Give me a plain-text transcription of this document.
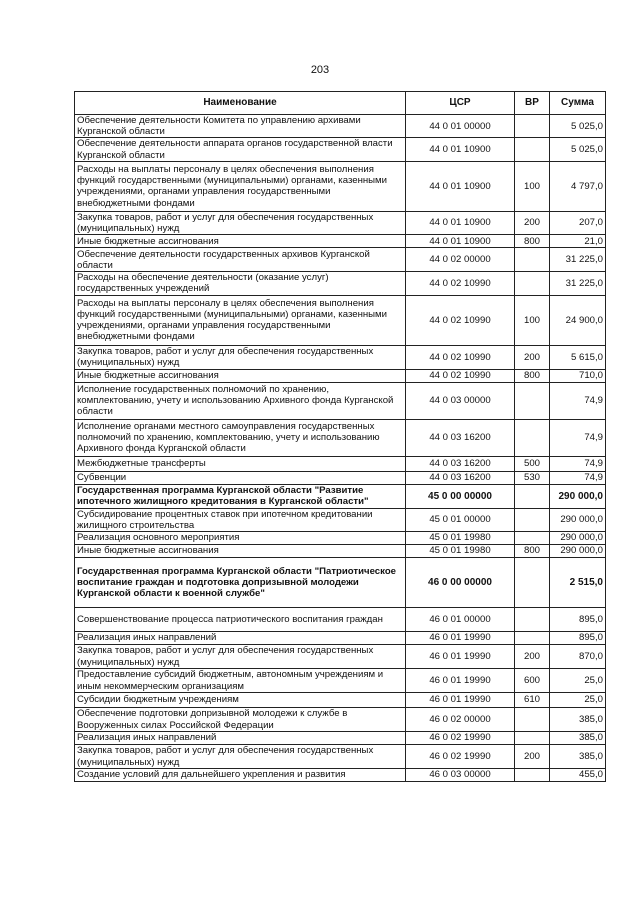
203
Наименование	ЦСР	ВР	Сумма
Обеспечение деятельности Комитета по управлению архивами Курганской области	44 0 01 00000		5 025,0
Обеспечение деятельности аппарата органов государственной власти Курганской области	44 0 01 10900		5 025,0
Расходы на выплаты персоналу в целях обеспечения выполнения функций государственными (муниципальными) органами, казенными учреждениями, органами управления государственными внебюджетными фондами	44 0 01 10900	100	4 797,0
Закупка товаров, работ и услуг для обеспечения государственных (муниципальных) нужд	44 0 01 10900	200	207,0
Иные бюджетные ассигнования	44 0 01 10900	800	21,0
Обеспечение деятельности государственных архивов Курганской области	44 0 02 00000		31 225,0
Расходы на обеспечение деятельности (оказание услуг) государственных учреждений	44 0 02 10990		31 225,0
Расходы на выплаты персоналу в целях обеспечения выполнения функций государственными (муниципальными) органами, казенными учреждениями, органами управления государственными внебюджетными фондами	44 0 02 10990	100	24 900,0
Закупка товаров, работ и услуг для обеспечения государственных (муниципальных) нужд	44 0 02 10990	200	5 615,0
Иные бюджетные ассигнования	44 0 02 10990	800	710,0
Исполнение государственных полномочий по хранению, комплектованию, учету и использованию Архивного фонда Курганской области	44 0 03 00000		74,9
Исполнение органами местного самоуправления государственных полномочий по хранению, комплектованию, учету и использованию Архивного фонда Курганской области	44 0 03 16200		74,9
Межбюджетные трансферты	44 0 03 16200	500	74,9
Субвенции	44 0 03 16200	530	74,9
Государственная программа Курганской области "Развитие ипотечного жилищного кредитования в Курганской области"	45 0 00 00000		290 000,0
Субсидирование процентных ставок при ипотечном кредитовании жилищного строительства	45 0 01 00000		290 000,0
Реализация основного мероприятия	45 0 01 19980		290 000,0
Иные бюджетные ассигнования	45 0 01 19980	800	290 000,0
Государственная программа Курганской области "Патриотическое воспитание граждан и подготовка допризывной молодежи Курганской области к военной службе"	46 0 00 00000		2 515,0
Совершенствование процесса патриотического воспитания граждан	46 0 01 00000		895,0
Реализация иных направлений	46 0 01 19990		895,0
Закупка товаров, работ и услуг для обеспечения государственных (муниципальных) нужд	46 0 01 19990	200	870,0
Предоставление субсидий бюджетным, автономным учреждениям и иным некоммерческим организациям	46 0 01 19990	600	25,0
Субсидии бюджетным учреждениям	46 0 01 19990	610	25,0
Обеспечение подготовки допризывной молодежи к службе в Вооруженных силах Российской Федерации	46 0 02 00000		385,0
Реализация иных направлений	46 0 02 19990		385,0
Закупка товаров, работ и услуг для обеспечения государственных (муниципальных) нужд	46 0 02 19990	200	385,0
Создание условий для дальнейшего укрепления и развития	46 0 03 00000		455,0
